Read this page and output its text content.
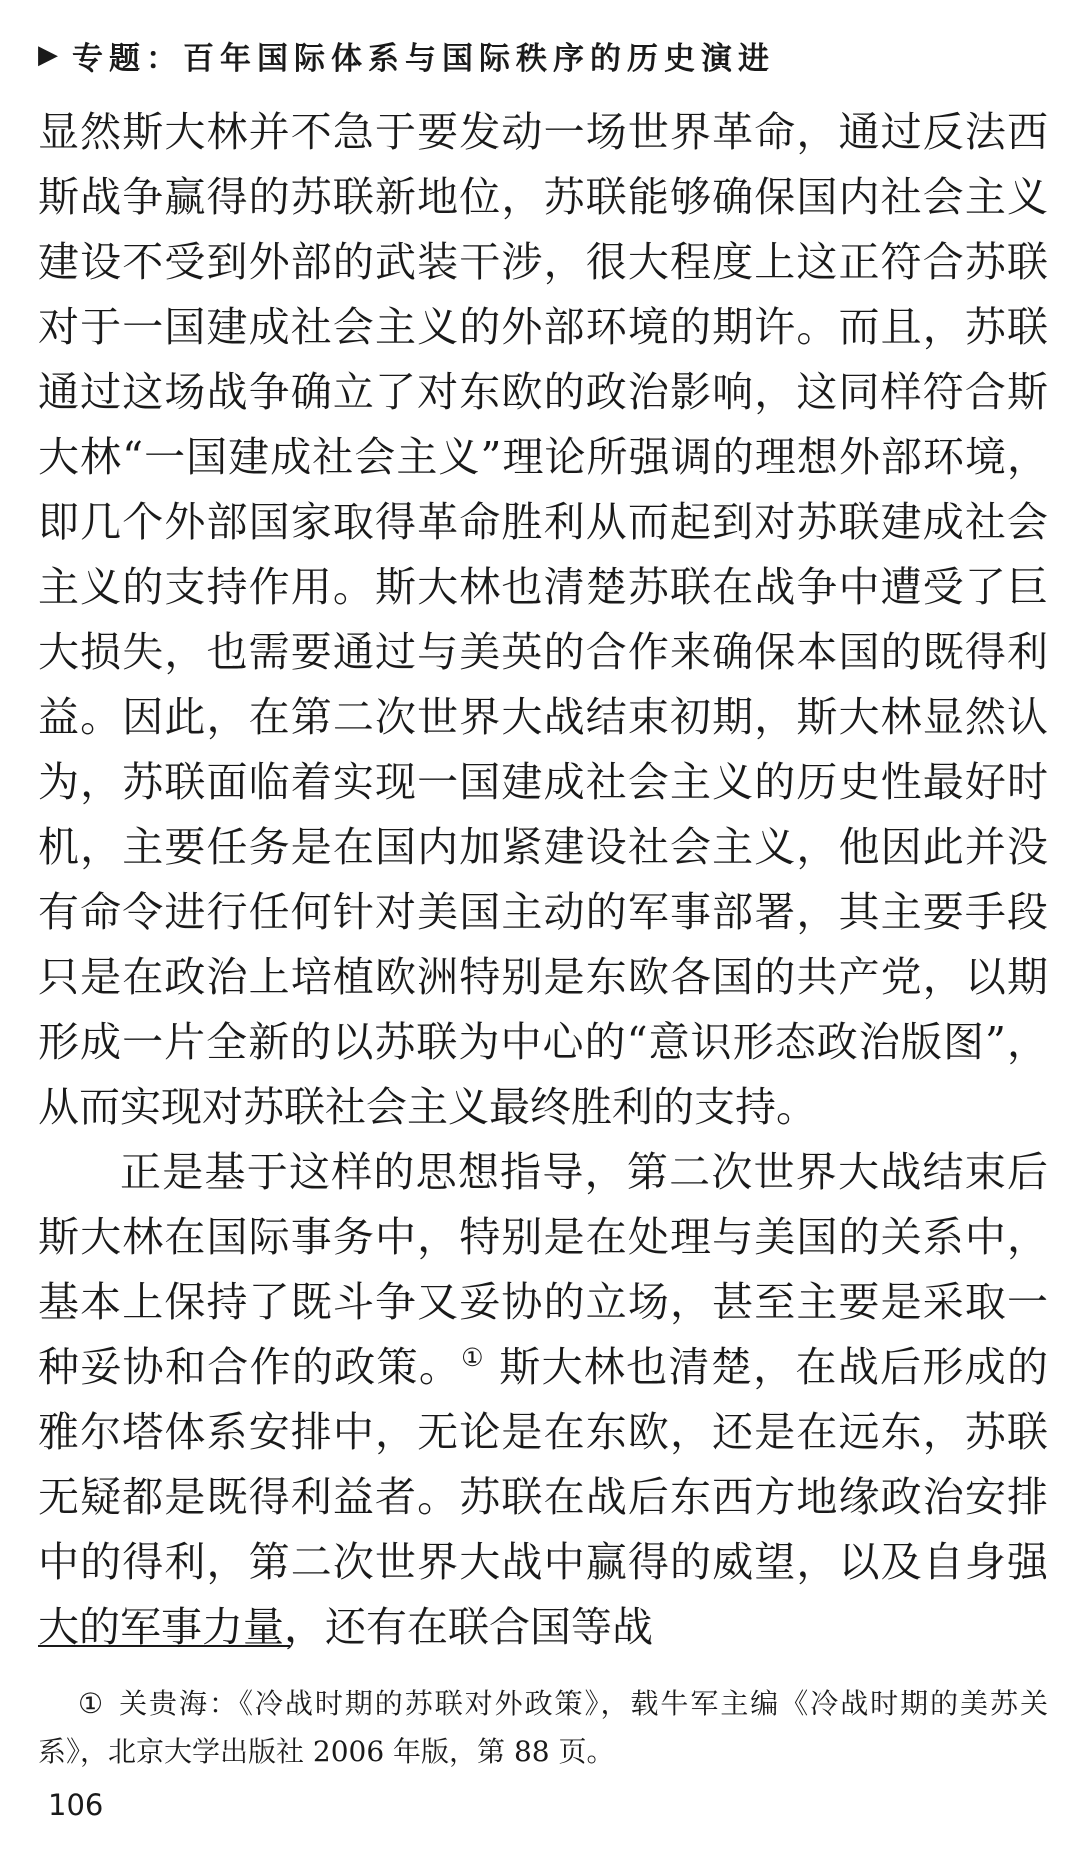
▶ 专题：百年国际体系与国际秩序的历史演进

显然斯大林并不急于要发动一场世界革命，通过反法西斯战争赢得的苏联新地位，苏联能够确保国内社会主义建设不受到外部的武装干涉，很大程度上这正符合苏联对于一国建成社会主义的外部环境的期许。而且，苏联通过这场战争确立了对东欧的政治影响，这同样符合斯大林“一国建成社会主义”理论所强调的理想外部环境，即几个外部国家取得革命胜利从而起到对苏联建成社会主义的支持作用。斯大林也清楚苏联在战争中遭受了巨大损失，也需要通过与美英的合作来确保本国的既得利益。因此，在第二次世界大战结束初期，斯大林显然认为，苏联面临着实现一国建成社会主义的历史性最好时机，主要任务是在国内加紧建设社会主义，他因此并没有命令进行任何针对美国主动的军事部署，其主要手段只是在政治上培植欧洲特别是东欧各国的共产党，以期形成一片全新的以苏联为中心的“意识形态政治版图”，从而实现对苏联社会主义最终胜利的支持。

正是基于这样的思想指导，第二次世界大战结束后斯大林在国际事务中，特别是在处理与美国的关系中，基本上保持了既斗争又妥协的立场，甚至主要是采取一种妥协和合作的政策。① 斯大林也清楚，在战后形成的雅尔塔体系安排中，无论是在东欧，还是在远东，苏联无疑都是既得利益者。苏联在战后东西方地缘政治安排中的得利，第二次世界大战中赢得的威望，以及自身强大的军事力量，还有在联合国等战

① 关贵海：《冷战时期的苏联对外政策》，载牛军主编《冷战时期的美苏关系》，北京大学出版社 2006 年版，第 88 页。
106
